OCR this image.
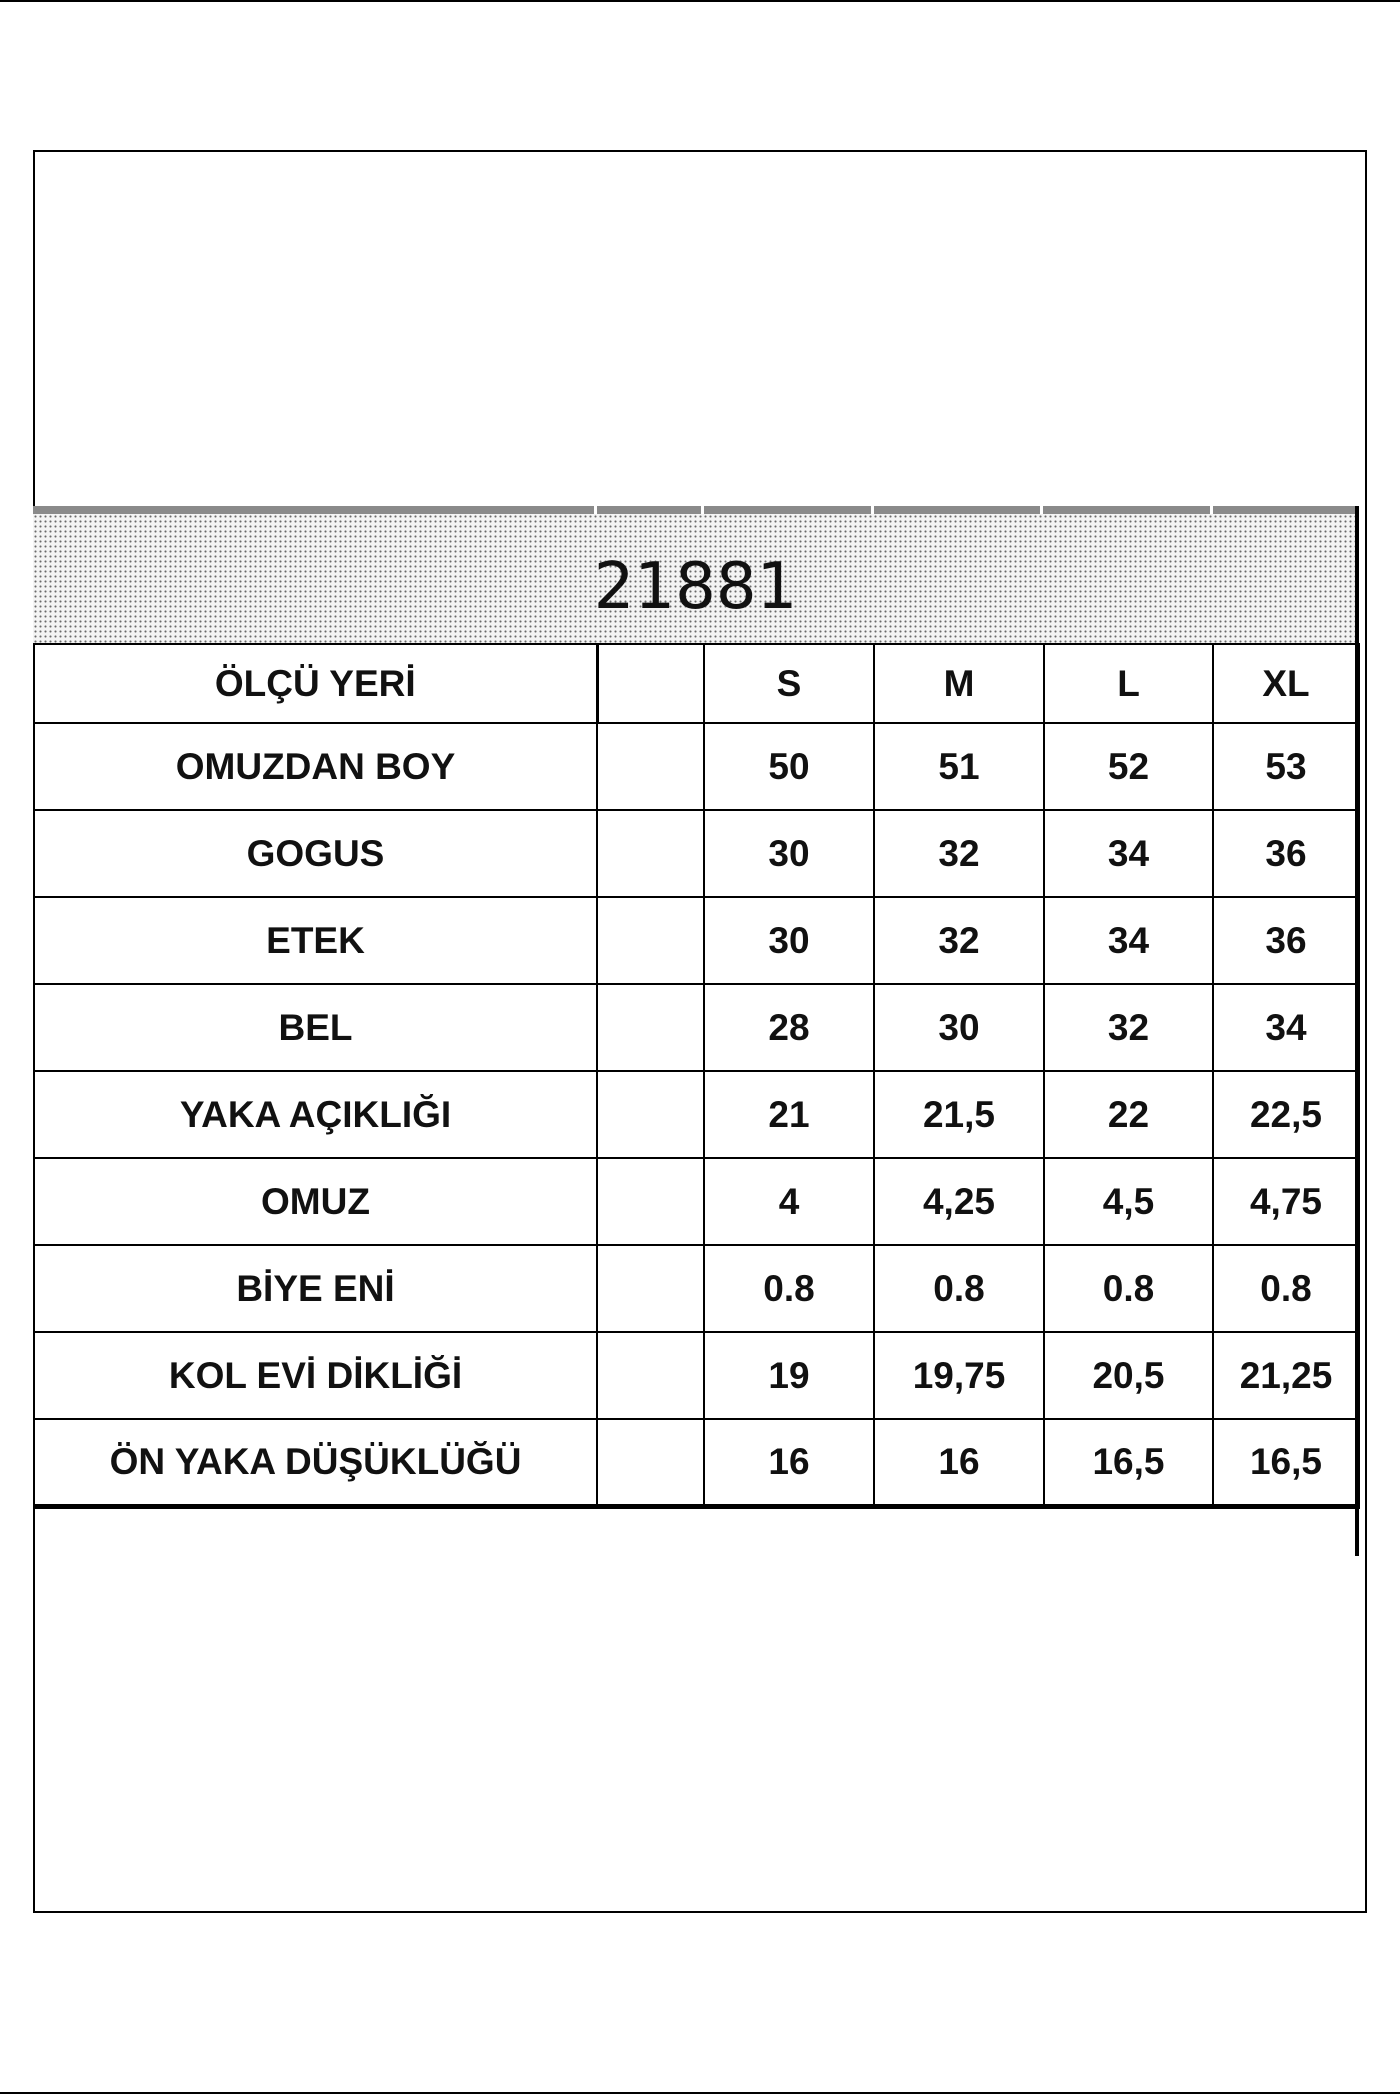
21881
ÖLÇÜ YERİ		S	M	L	XL
OMUZDAN BOY		50	51	52	53
GOGUS		30	32	34	36
ETEK		30	32	34	36
BEL		28	30	32	34
YAKA AÇIKLIĞI		21	21,5	22	22,5
OMUZ		4	4,25	4,5	4,75
BİYE ENİ		0.8	0.8	0.8	0.8
KOL EVİ DİKLİĞİ		19	19,75	20,5	21,25
ÖN YAKA DÜŞÜKLÜĞÜ		16	16	16,5	16,5
